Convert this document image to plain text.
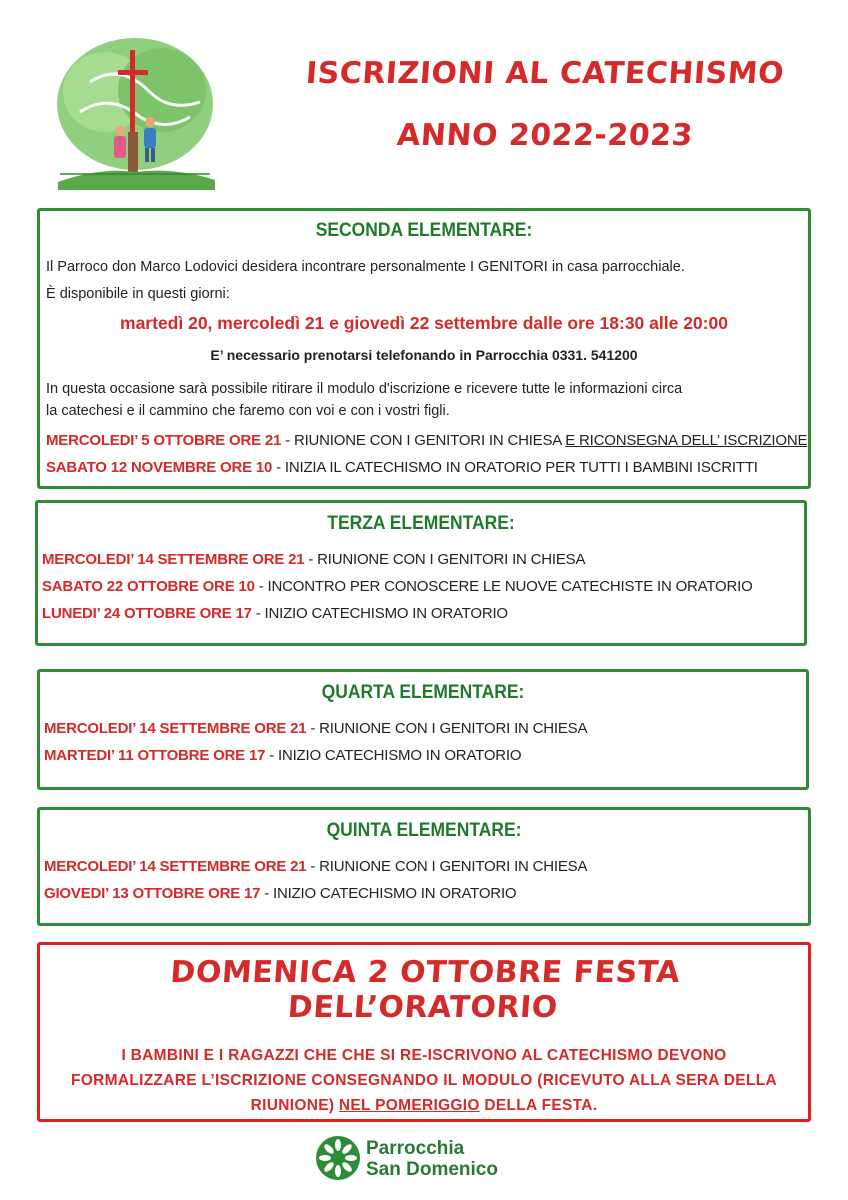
ISCRIZIONI AL CATECHISMO
ANNO 2022-2023
SECONDA ELEMENTARE:
Il Parroco don Marco Lodovici desidera incontrare personalmente I GENITORI in casa parrocchiale.
È disponibile in questi giorni:
martedì 20, mercoledì 21 e giovedì 22 settembre dalle ore 18:30 alle 20:00
E’ necessario prenotarsi telefonando in Parrocchia 0331. 541200
In questa occasione sarà possibile ritirare il modulo d'iscrizione e ricevere tutte le informazioni circa
la catechesi e il cammino che faremo con voi e con i vostri figli.
MERCOLEDI’ 5 OTTOBRE ORE 21 - RIUNIONE CON I GENITORI IN CHIESA E RICONSEGNA DELL’ ISCRIZIONE
SABATO 12 NOVEMBRE ORE 10 - INIZIA IL CATECHISMO IN ORATORIO PER TUTTI I BAMBINI ISCRITTI
TERZA ELEMENTARE:
MERCOLEDI’ 14 SETTEMBRE ORE 21 - RIUNIONE CON I GENITORI IN CHIESA
SABATO 22 OTTOBRE ORE 10 - INCONTRO PER CONOSCERE LE NUOVE CATECHISTE IN ORATORIO
LUNEDI’ 24 OTTOBRE ORE 17 - INIZIO CATECHISMO IN ORATORIO
QUARTA ELEMENTARE:
MERCOLEDI’ 14 SETTEMBRE ORE 21 - RIUNIONE CON I GENITORI IN CHIESA
MARTEDI’ 11 OTTOBRE ORE 17 - INIZIO CATECHISMO IN ORATORIO
QUINTA ELEMENTARE:
MERCOLEDI’ 14 SETTEMBRE ORE 21 - RIUNIONE CON I GENITORI IN CHIESA
GIOVEDI’ 13 OTTOBRE ORE 17 - INIZIO CATECHISMO IN ORATORIO
DOMENICA 2 OTTOBRE FESTA DELL’ORATORIO
I BAMBINI E I RAGAZZI CHE CHE SI RE-ISCRIVONO AL CATECHISMO DEVONO
FORMALIZZARE L’ISCRIZIONE CONSEGNANDO IL MODULO (RICEVUTO ALLA SERA DELLA
RIUNIONE) NEL POMERIGGIO DELLA FESTA.
Parrocchia
San Domenico
